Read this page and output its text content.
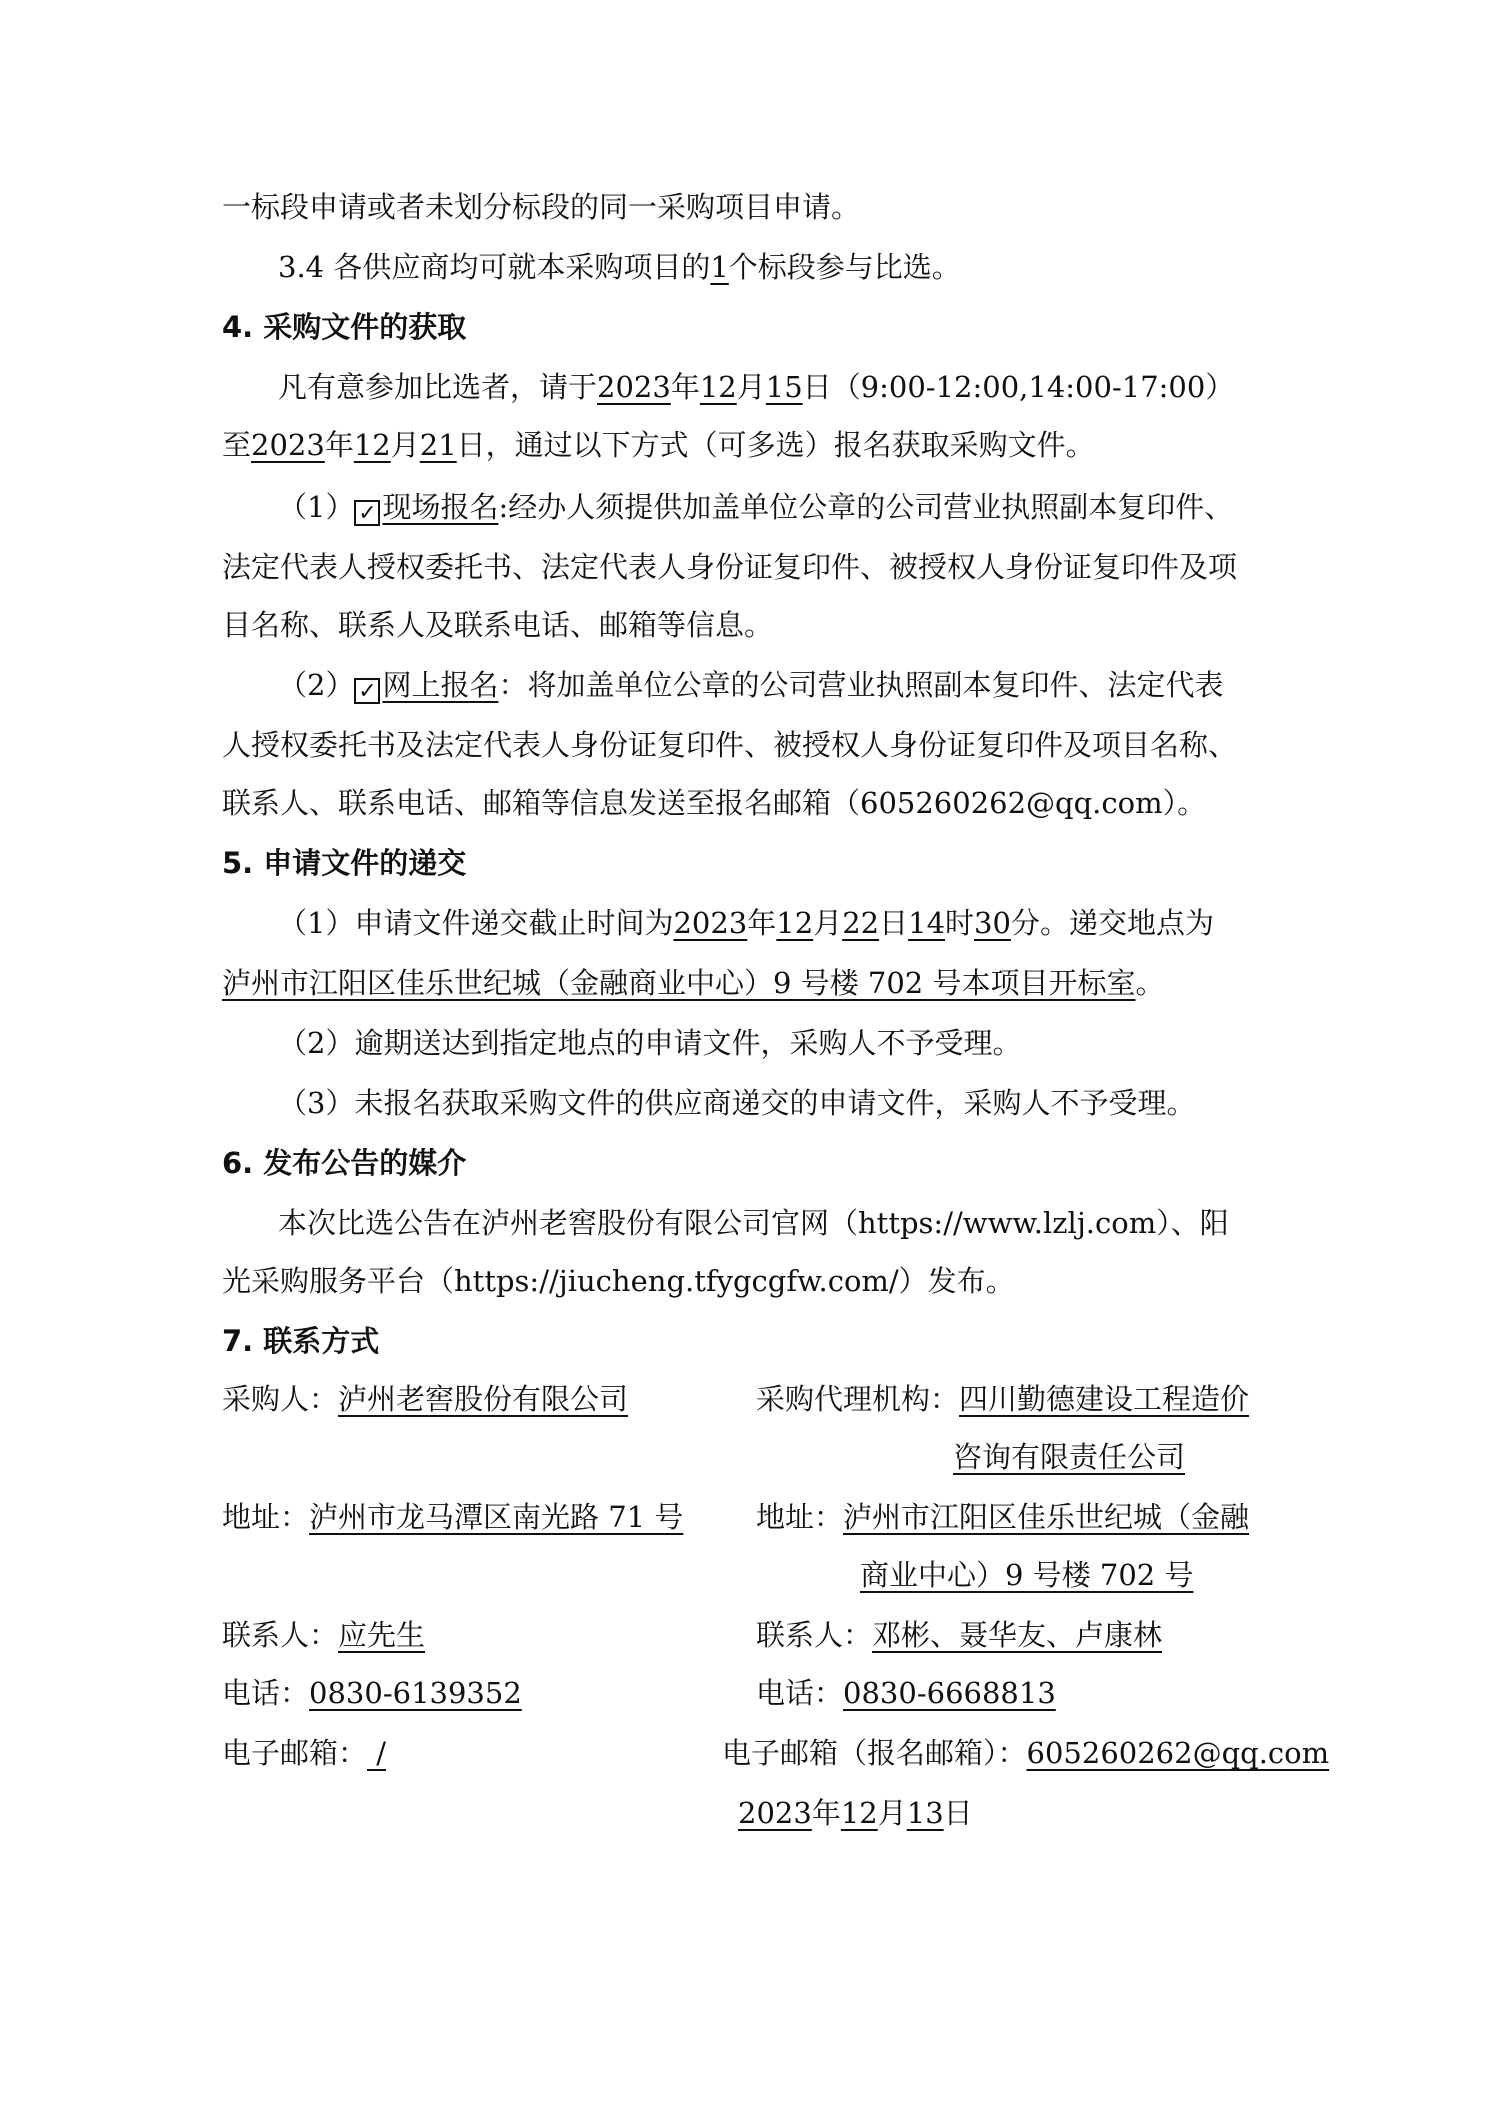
一标段申请或者未划分标段的同一采购项目申请。
3.4 各供应商均可就本采购项目的1个标段参与比选。
4. 采购文件的获取
凡有意参加比选者，请于2023年12月15日（9:00-12:00,14:00-17:00）
至2023年12月21日，通过以下方式（可多选）报名获取采购文件。
（1） ✓ 现场报名:经办人须提供加盖单位公章的公司营业执照副本复印件、
法定代表人授权委托书、法定代表人身份证复印件、被授权人身份证复印件及项
目名称、联系人及联系电话、邮箱等信息。
（2） ✓ 网上报名：将加盖单位公章的公司营业执照副本复印件、法定代表
人授权委托书及法定代表人身份证复印件、被授权人身份证复印件及项目名称、
联系人、联系电话、邮箱等信息发送至报名邮箱（605260262@qq.com）。
5. 申请文件的递交
（1）申请文件递交截止时间为2023年12月22日14时30分。递交地点为
泸州市江阳区佳乐世纪城（金融商业中心）9 号楼 702 号本项目开标室。
（2）逾期送达到指定地点的申请文件，采购人不予受理。
（3）未报名获取采购文件的供应商递交的申请文件，采购人不予受理。
6. 发布公告的媒介
本次比选公告在泸州老窖股份有限公司官网（https://www.lzlj.com）、阳
光采购服务平台（https://jiucheng.tfygcgfw.com/）发布。
7. 联系方式
采购人：泸州老窖股份有限公司	采购代理机构：四川勤德建设工程造价
咨询有限责任公司
地址：泸州市龙马潭区南光路 71 号	地址：泸州市江阳区佳乐世纪城（金融
商业中心）9 号楼 702 号
联系人：应先生	联系人：邓彬、聂华友、卢康林
电话：0830-6139352	电话：0830-6668813
电子邮箱： /	电子邮箱（报名邮箱）：605260262@qq.com
2023年12月13日
